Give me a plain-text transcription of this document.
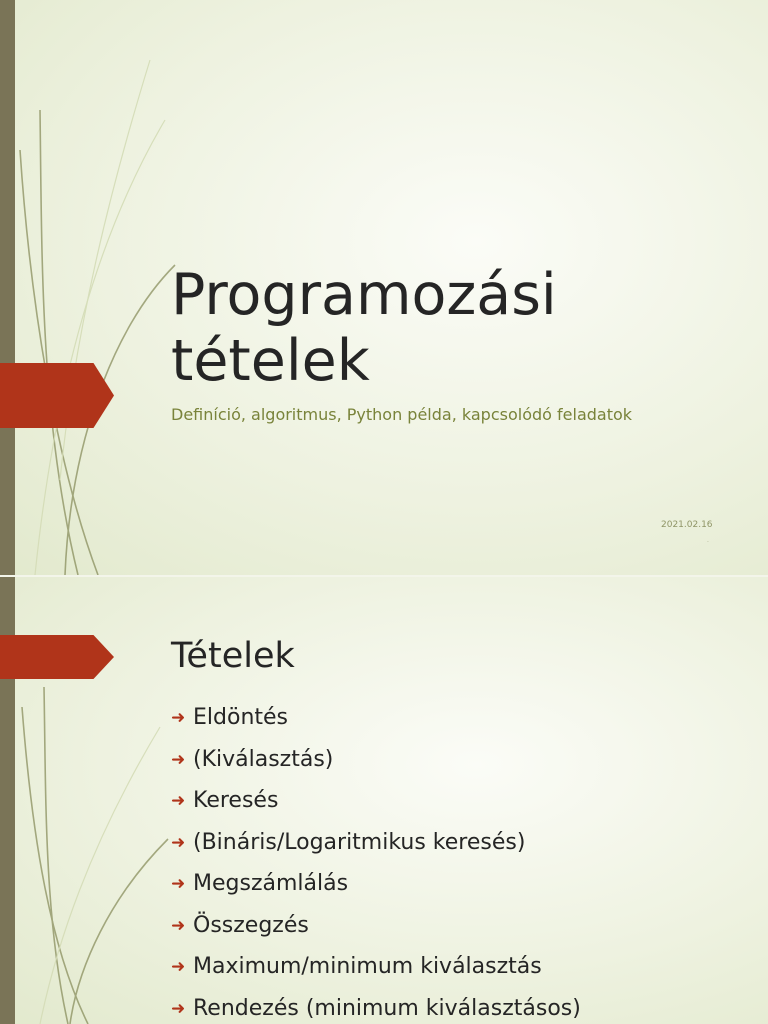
Programozási
tételek

Definíció, algoritmus, Python példa, kapcsolódó feladatok

2021.02.16
.
Tételek
➜ Eldöntés
➜ (Kiválasztás)
➜ Keresés
➜ (Bináris/Logaritmikus keresés)
➜ Megszámlálás
➜ Összegzés
➜ Maximum/minimum kiválasztás
➜ Rendezés (minimum kiválasztásos)
